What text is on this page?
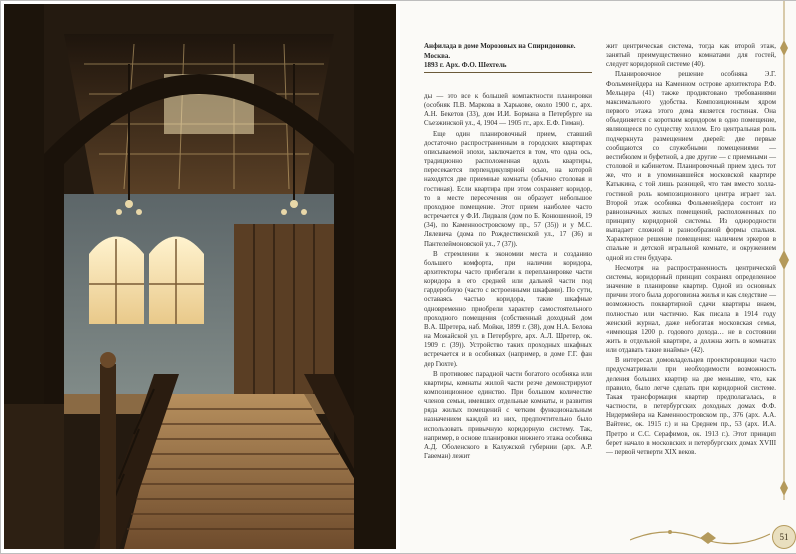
Анфилада в доме Морозовых на Спиридоновке. Москва.

1893 г. Арх. Ф.О. Шехтель

ды — это все к большей компактности планировки (особняк П.В. Маркова в Харькове, около 1900 г., арх. А.Н. Бекетов (33), дом И.И. Бормана в Петербурге на Съезжинской ул., 4, 1904 — 1905 гг., арх. Е.Ф. Гиман).

Еще один планировочный прием, ставший достаточно распространенным в городских квартирах описываемой эпохи, заключается в том, что одна ось, традиционно расположенная вдоль квартиры, пересекается перпендикулярной осью, на которой находятся две приемные комнаты (обычно столовая и гостиная). Если квартира при этом сохраняет коридор, то в месте пересечения он образует небольшое проходное помещение. Этот прием наиболее часто встречается у Ф.И. Лидваля (дом по Б. Конюшенной, 19 (34), по Каменноостровскому пр., 57 (35)) и у М.С. Лялевича (дома по Рождественской ул., 17 (36) и Пантелеймоновской ул., 7 (37)).

В стремлении к экономии места и созданию большего комфорта, при наличии коридора, архитекторы часто прибегали к перепланировке части коридора в его средней или дальней части под гардеробную (часто с встроенными шкафами). По сути, оставаясь частью коридора, такие шкафные одновременно приобрели характер самостоятельного проходного помещения (собственный доходный дом В.А. Шретера, наб. Мойки, 1899 г. (38), дом Н.А. Белова на Можайской ул. в Петербурге, арх. А.Л. Шретер, ок. 1909 г. (39)). Устройство таких проходных шкафных встречается и в особняках (например, в доме Г.Г. фан дер Гюхте).

В противовес парадной части богатого особняка или квартиры, комнаты жилой части резче демонстрируют композиционное единство. При большом количестве членов семьи, имевших отдельные комнаты, и развития ряда жилых помещений с четким функциональным назначением каждой из них, предпочтительно было использовать привычную коридорную систему. Так, например, в основе планировки нижнего этажа особняка А.Д. Оболенского в Калужской губернии (арх. А.Р. Гавеман) лежит

жит центрическая система, тогда как второй этаж, занятый преимущественно комнатами для гостей, следует коридорной системе (40).

Планировочное решение особняка Э.Г. Фольменейдера на Каменном острове архитектора Р.Ф. Мельцера (41) также продиктовано требованиями максимального удобства. Композиционным ядром первого этажа этого дома является гостиная. Она объединяется с коротким коридором в одно помещение, являющееся по существу холлом. Его центральная роль подчеркнута размещением дверей: две первые сообщаются со служебными помещениями — вестибюлем и буфетной, а две другие — с приемными — столовой и кабинетом. Планировочный прием здесь тот же, что и в упоминавшейся московской квартире Катыкина, с той лишь разницей, что там вместо холла-гостиной роль композиционного центра играет зал. Второй этаж особняка Фольменейдера состоит из равнозначных жилых помещений, расположенных по принципу коридорной системы. Из однородности выпадает сложной и разнообразной формы спальня. Характерное решение помещения: наличием эркеров в спальне и детской игральной комнате, и окружением одной из стен будуара.

Несмотря на распространенность центрической системы, коридорный принцип сохранял определенное значение в планировке квартир. Одной из основных причин этого была дороговизна жилья и как следствие — возможность поквартирной сдачи квартиры внаем, полностью или частично. Как писала в 1914 году женский журнал, даже небогатая московская семья, «имеющая 1200 р. годового дохода… не в состоянии жить в отдельной квартире, а должна жить в комнатах или отдавать такие внаймы» (42).

В интересах домовладельцев проектировщики часто предусматривали при необходимости возможность деления больших квартир на две меньшие, что, как правило, было легче сделать при коридорной системе. Такая трансформация квартир предполагалась, в частности, в петербургских доходных домах Ф.Ф. Нидермейера на Каменноостровском пр., 376 (арх. А.А. Вайтенс, ок. 1915 г.) и на Среднем пр., 53 (арх. И.А. Претро и С.С. Серафимов, ок. 1913 г.). Этот принцип берет начало в московских и петербургских домах XVIII — первой четверти XIX веков.

51
